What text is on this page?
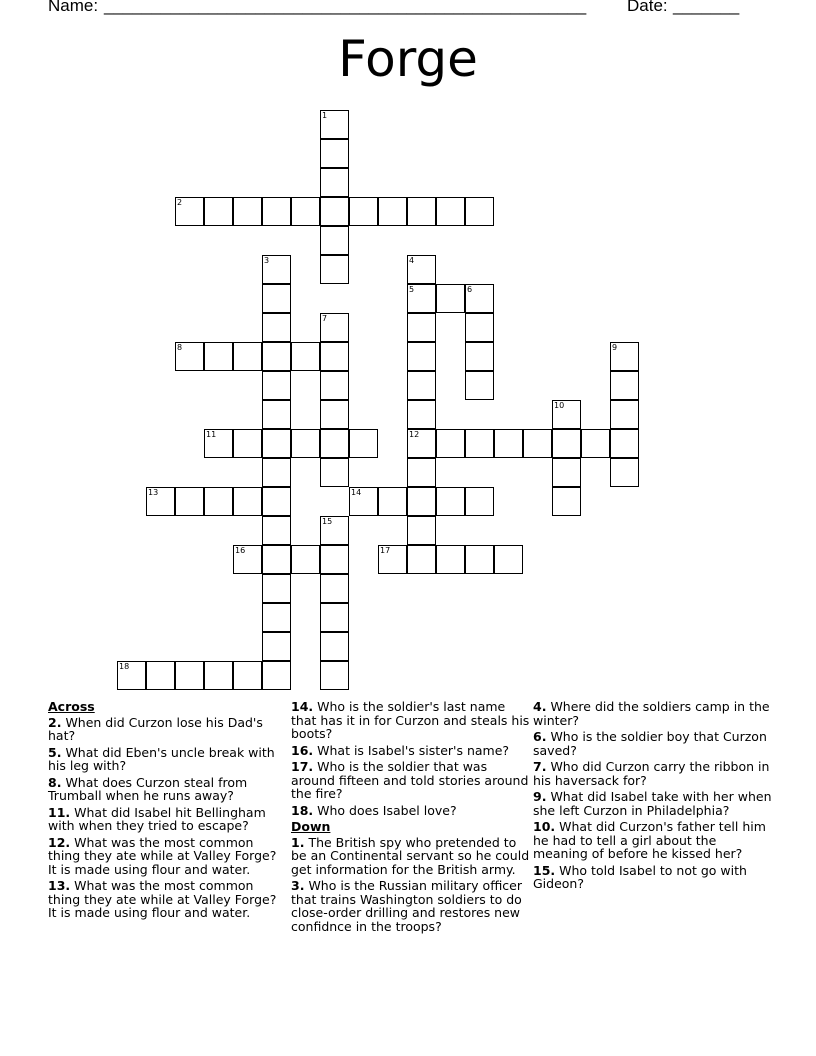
Name: ___________________________________________________ Date: _______
Forge
1
2
3	4
5
12
6
7
8	9
10
11
13	14
15
16	17
18
Across
2. When did Curzon lose his Dad's hat?
5. What did Eben's uncle break with his leg with?
8. What does Curzon steal from Trumball when he runs away?
11. What did Isabel hit Bellingham with when they tried to escape?
12. What was the most common thing they ate while at Valley Forge? It is made using flour and water.
13. What was the most common thing they ate while at Valley Forge? It is made using flour and water.
14. Who is the soldier's last name that has it in for Curzon and steals his boots?
16. What is Isabel's sister's name?
17. Who is the soldier that was around fifteen and told stories around the fire?
18. Who does Isabel love?
Down
1. The British spy who pretended to be an Continental servant so he could get information for the British army.
3. Who is the Russian military officer that trains Washington soldiers to do close-order drilling and restores new confidnce in the troops?
4. Where did the soldiers camp in the winter?
6. Who is the soldier boy that Curzon saved?
7. Who did Curzon carry the ribbon in his haversack for?
9. What did Isabel take with her when she left Curzon in Philadelphia?
10. What did Curzon's father tell him he had to tell a girl about the meaning of before he kissed her?
15. Who told Isabel to not go with Gideon?
